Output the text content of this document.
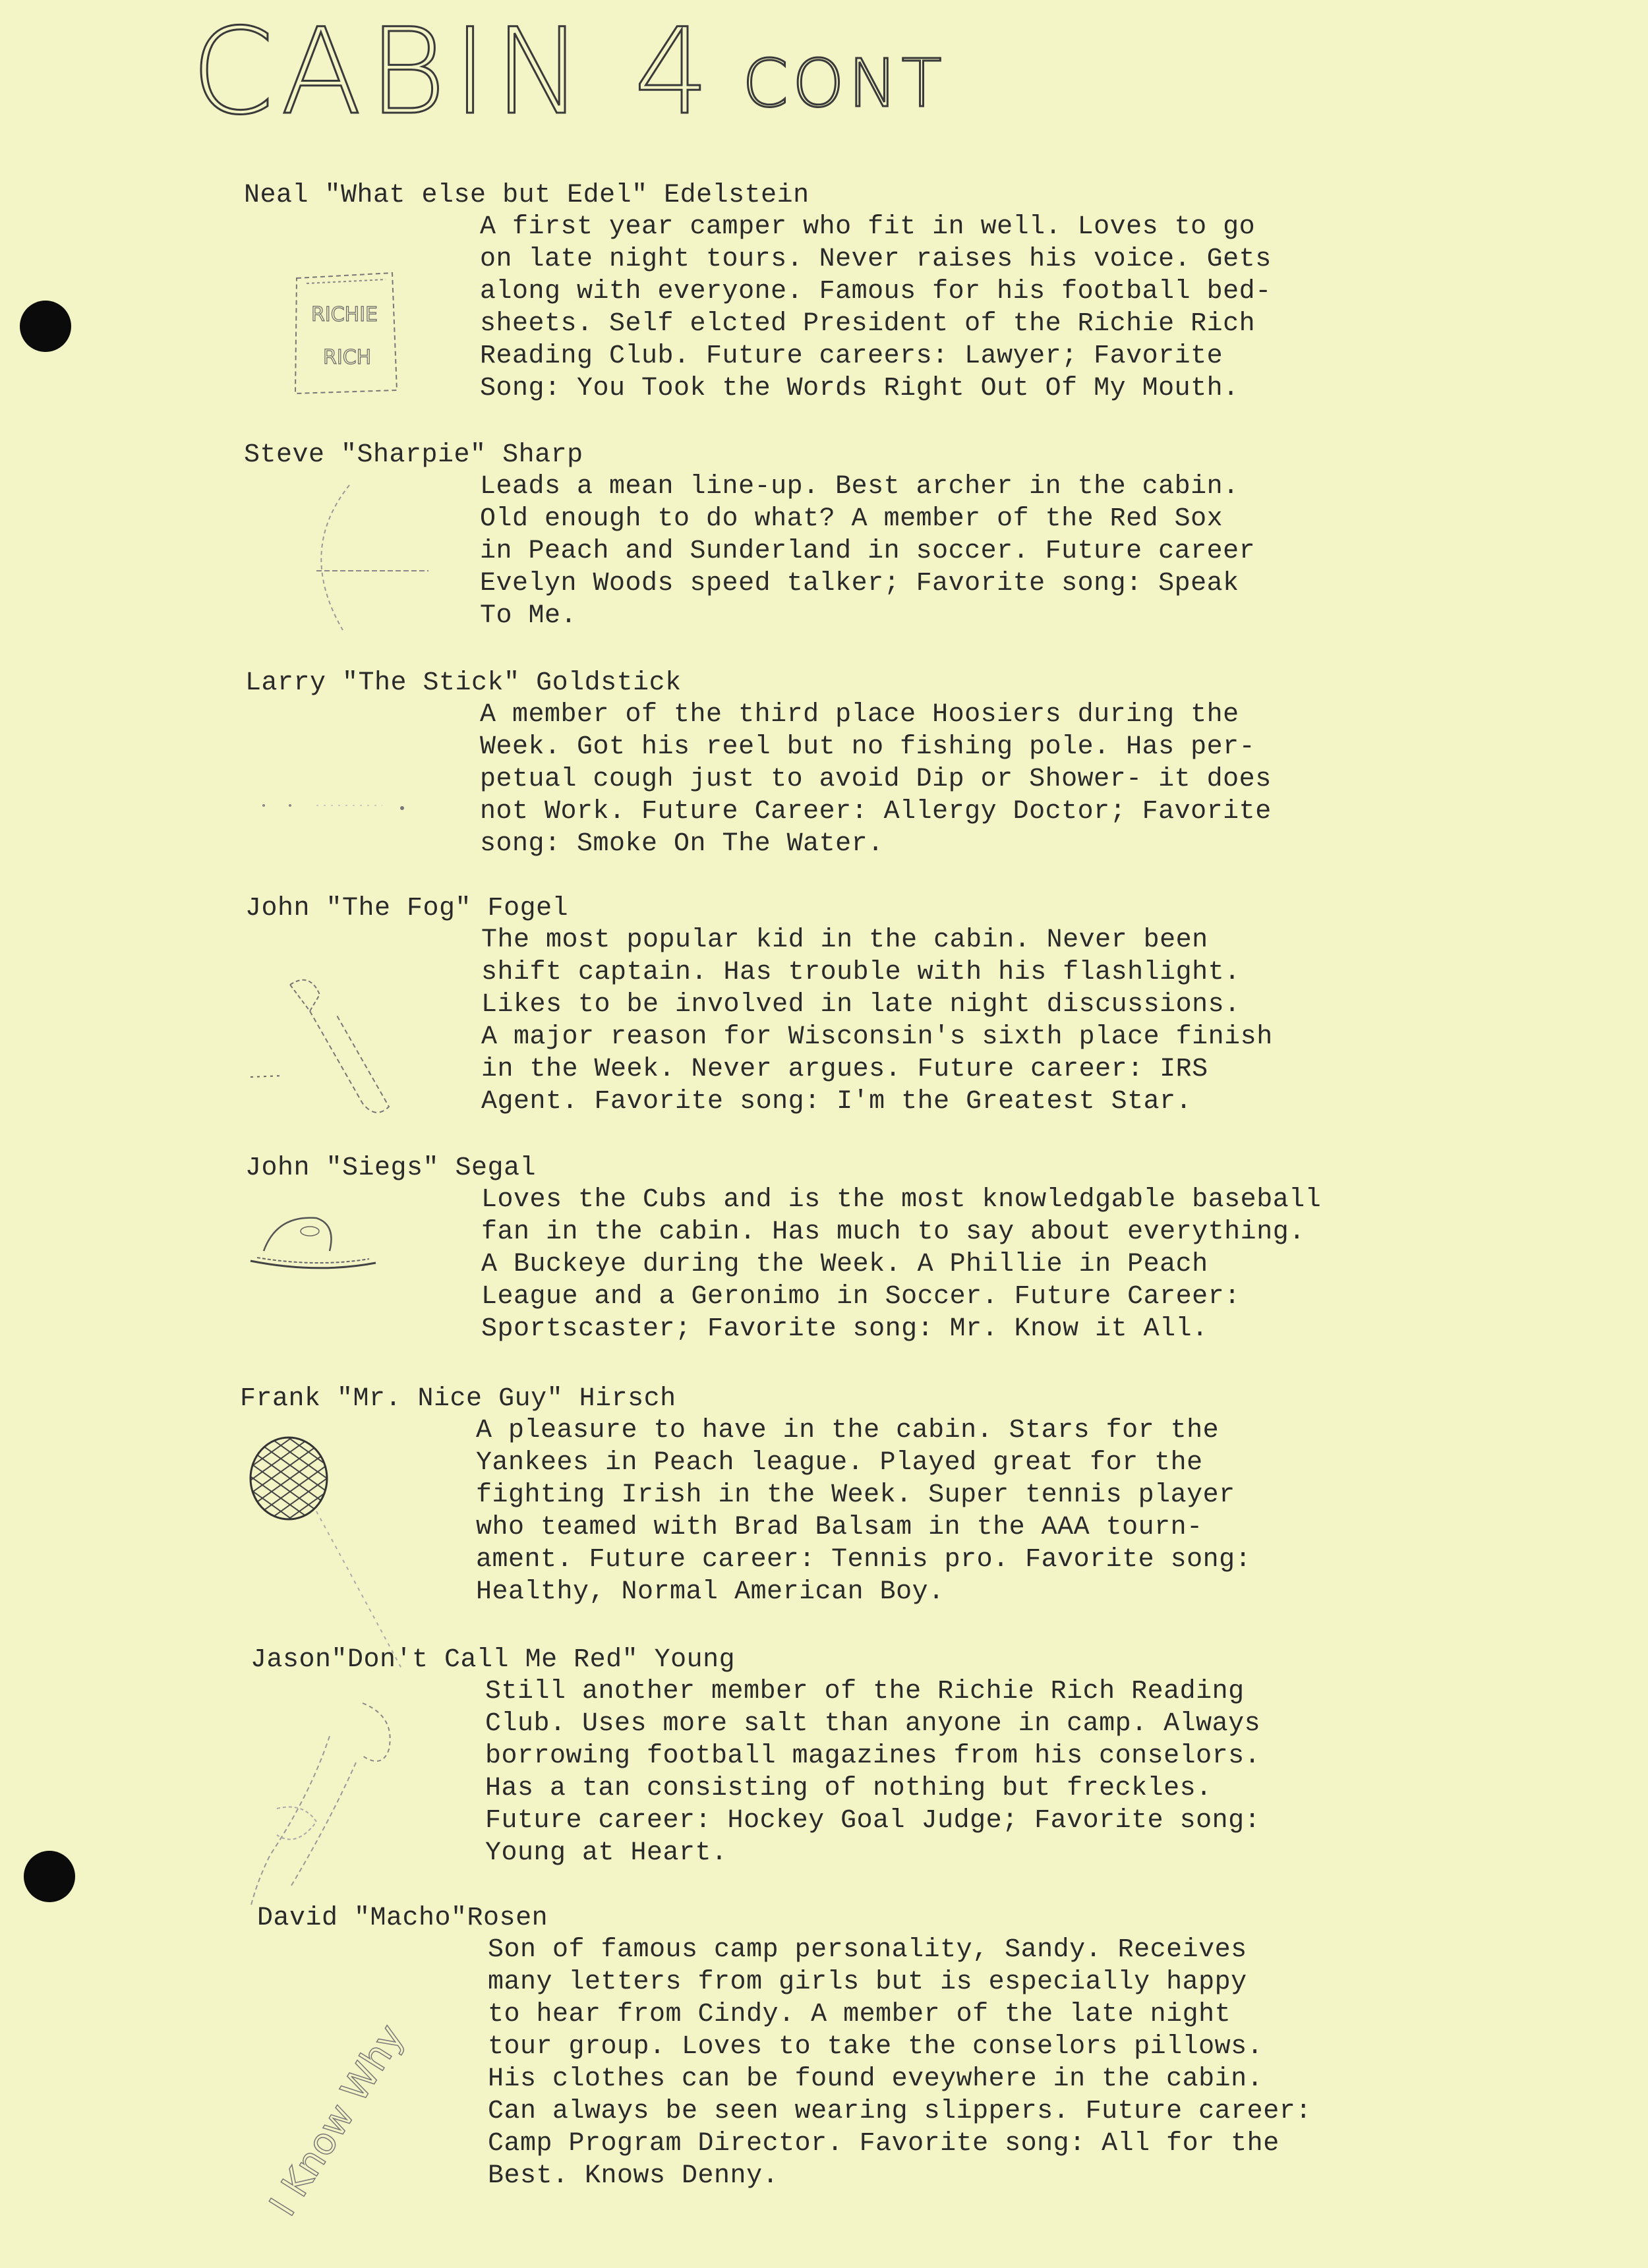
CABIN 4 CONT
Neal "What else but Edel" Edelstein
A first year camper who fit in well. Loves to go
on late night tours. Never raises his voice. Gets
along with everyone. Famous for his football bed-
sheets. Self elcted President of the Richie Rich
Reading Club. Future careers: Lawyer; Favorite
Song: You Took the Words Right Out Of My Mouth.
RICHIE
RICH
Steve "Sharpie" Sharp
Leads a mean line-up. Best archer in the cabin.
Old enough to do what? A member of the Red Sox
in Peach and Sunderland in soccer. Future career
Evelyn Woods speed talker; Favorite song: Speak
To Me.
Larry "The Stick" Goldstick
A member of the third place Hoosiers during the
Week. Got his reel but no fishing pole. Has per-
petual cough just to avoid Dip or Shower- it does
not Work. Future Career: Allergy Doctor; Favorite
song: Smoke On The Water.
John "The Fog" Fogel
The most popular kid in the cabin. Never been
shift captain. Has trouble with his flashlight.
Likes to be involved in late night discussions.
A major reason for Wisconsin's sixth place finish
in the Week. Never argues. Future career: IRS
Agent. Favorite song: I'm the Greatest Star.
John "Siegs" Segal
Loves the Cubs and is the most knowledgable baseball
fan in the cabin. Has much to say about everything.
A Buckeye during the Week. A Phillie in Peach
League and a Geronimo in Soccer. Future Career:
Sportscaster; Favorite song: Mr. Know it All.
Frank "Mr. Nice Guy" Hirsch
A pleasure to have in the cabin. Stars for the
Yankees in Peach league. Played great for the
fighting Irish in the Week. Super tennis player
who teamed with Brad Balsam in the AAA tourn-
ament. Future career: Tennis pro. Favorite song:
Healthy, Normal American Boy.
Jason"Don't Call Me Red" Young
Still another member of the Richie Rich Reading
Club. Uses more salt than anyone in camp. Always
borrowing football magazines from his conselors.
Has a tan consisting of nothing but freckles.
Future career: Hockey Goal Judge; Favorite song:
Young at Heart.
David "Macho"Rosen
Son of famous camp personality, Sandy. Receives
many letters from girls but is especially happy
to hear from Cindy. A member of the late night
tour group. Loves to take the conselors pillows.
His clothes can be found eveywhere in the cabin.
Can always be seen wearing slippers. Future career:
Camp Program Director. Favorite song: All for the
Best. Knows Denny.
I Know Why
